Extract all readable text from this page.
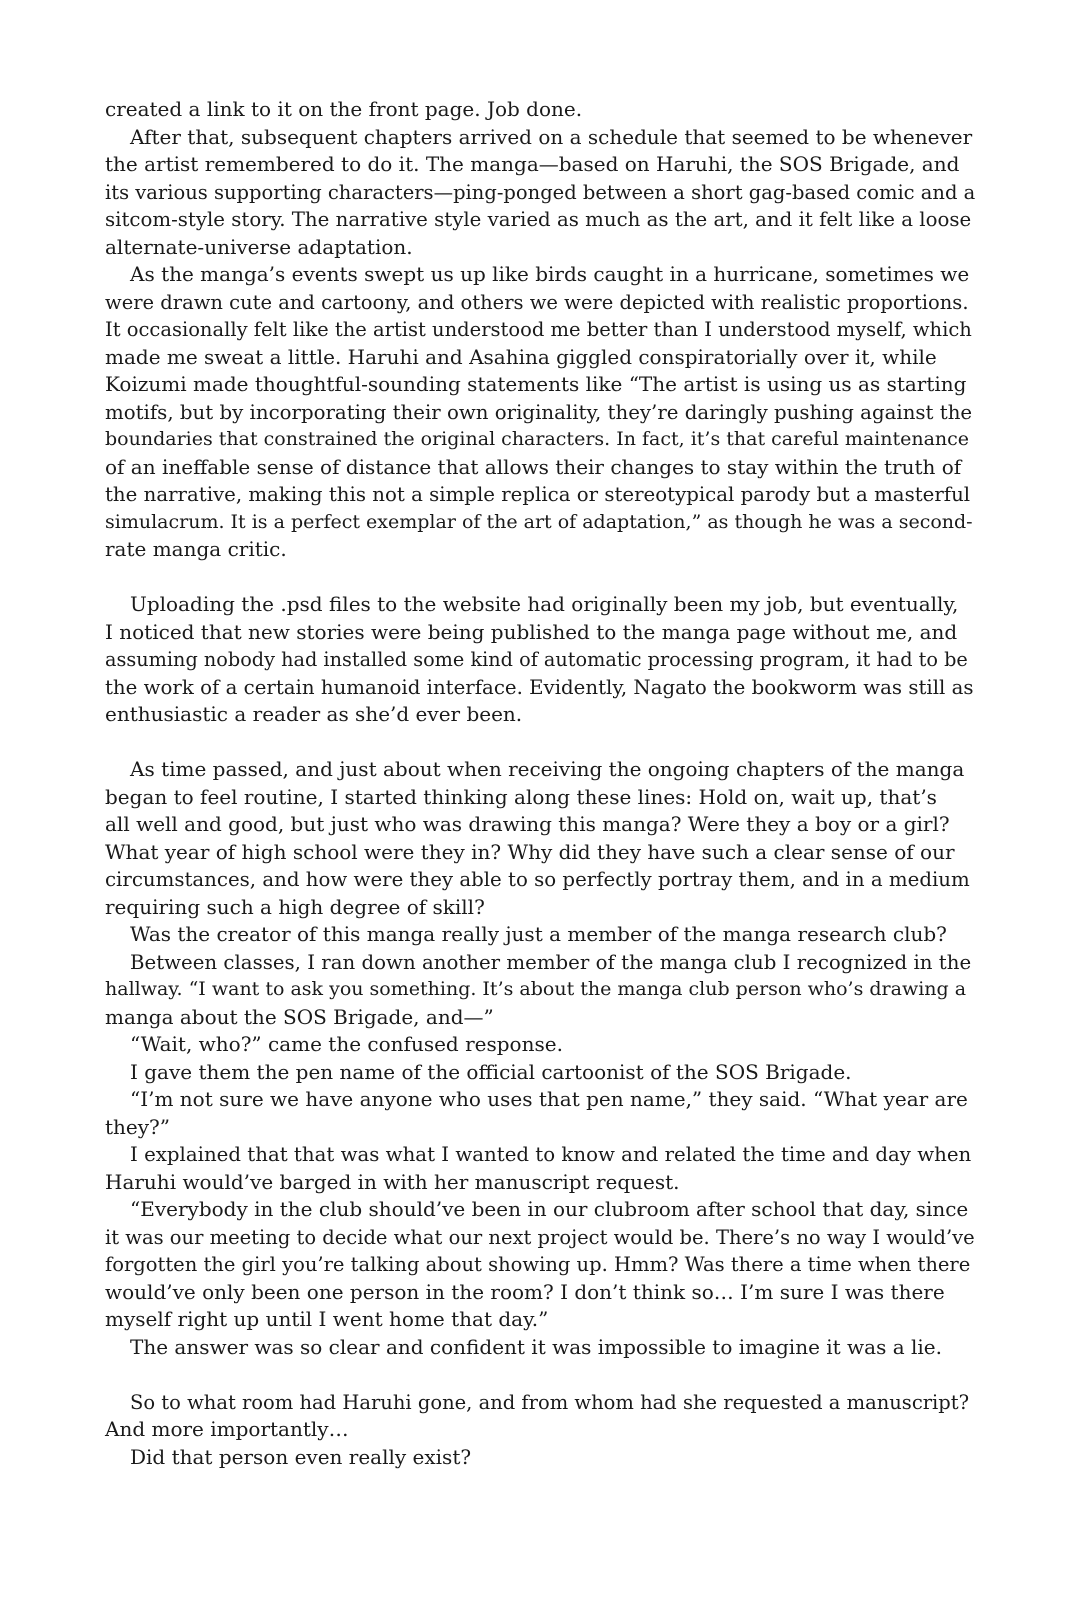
created a link to it on the front page. Job done.
After that, subsequent chapters arrived on a schedule that seemed to be whenever
the artist remembered to do it. The manga—based on Haruhi, the SOS Brigade, and
its various supporting characters—ping-ponged between a short gag-based comic and a
sitcom-style story. The narrative style varied as much as the art, and it felt like a loose
alternate-universe adaptation.
As the manga’s events swept us up like birds caught in a hurricane, sometimes we
were drawn cute and cartoony, and others we were depicted with realistic proportions.
It occasionally felt like the artist understood me better than I understood myself, which
made me sweat a little. Haruhi and Asahina giggled conspiratorially over it, while
Koizumi made thoughtful-sounding statements like “The artist is using us as starting
motifs, but by incorporating their own originality, they’re daringly pushing against the
boundaries that constrained the original characters. In fact, it’s that careful maintenance
of an ineffable sense of distance that allows their changes to stay within the truth of
the narrative, making this not a simple replica or stereotypical parody but a masterful
simulacrum. It is a perfect exemplar of the art of adaptation,” as though he was a second-
rate manga critic.
Uploading the .psd files to the website had originally been my job, but eventually,
I noticed that new stories were being published to the manga page without me, and
assuming nobody had installed some kind of automatic processing program, it had to be
the work of a certain humanoid interface. Evidently, Nagato the bookworm was still as
enthusiastic a reader as she’d ever been.
As time passed, and just about when receiving the ongoing chapters of the manga
began to feel routine, I started thinking along these lines: Hold on, wait up, that’s
all well and good, but just who was drawing this manga? Were they a boy or a girl?
What year of high school were they in? Why did they have such a clear sense of our
circumstances, and how were they able to so perfectly portray them, and in a medium
requiring such a high degree of skill?
Was the creator of this manga really just a member of the manga research club?
Between classes, I ran down another member of the manga club I recognized in the
hallway. “I want to ask you something. It’s about the manga club person who’s drawing a
manga about the SOS Brigade, and—”
“Wait, who?” came the confused response.
I gave them the pen name of the official cartoonist of the SOS Brigade.
“I’m not sure we have anyone who uses that pen name,” they said. “What year are
they?”
I explained that that was what I wanted to know and related the time and day when
Haruhi would’ve barged in with her manuscript request.
“Everybody in the club should’ve been in our clubroom after school that day, since
it was our meeting to decide what our next project would be. There’s no way I would’ve
forgotten the girl you’re talking about showing up. Hmm? Was there a time when there
would’ve only been one person in the room? I don’t think so… I’m sure I was there
myself right up until I went home that day.”
The answer was so clear and confident it was impossible to imagine it was a lie.
So to what room had Haruhi gone, and from whom had she requested a manuscript?
And more importantly…
Did that person even really exist?
